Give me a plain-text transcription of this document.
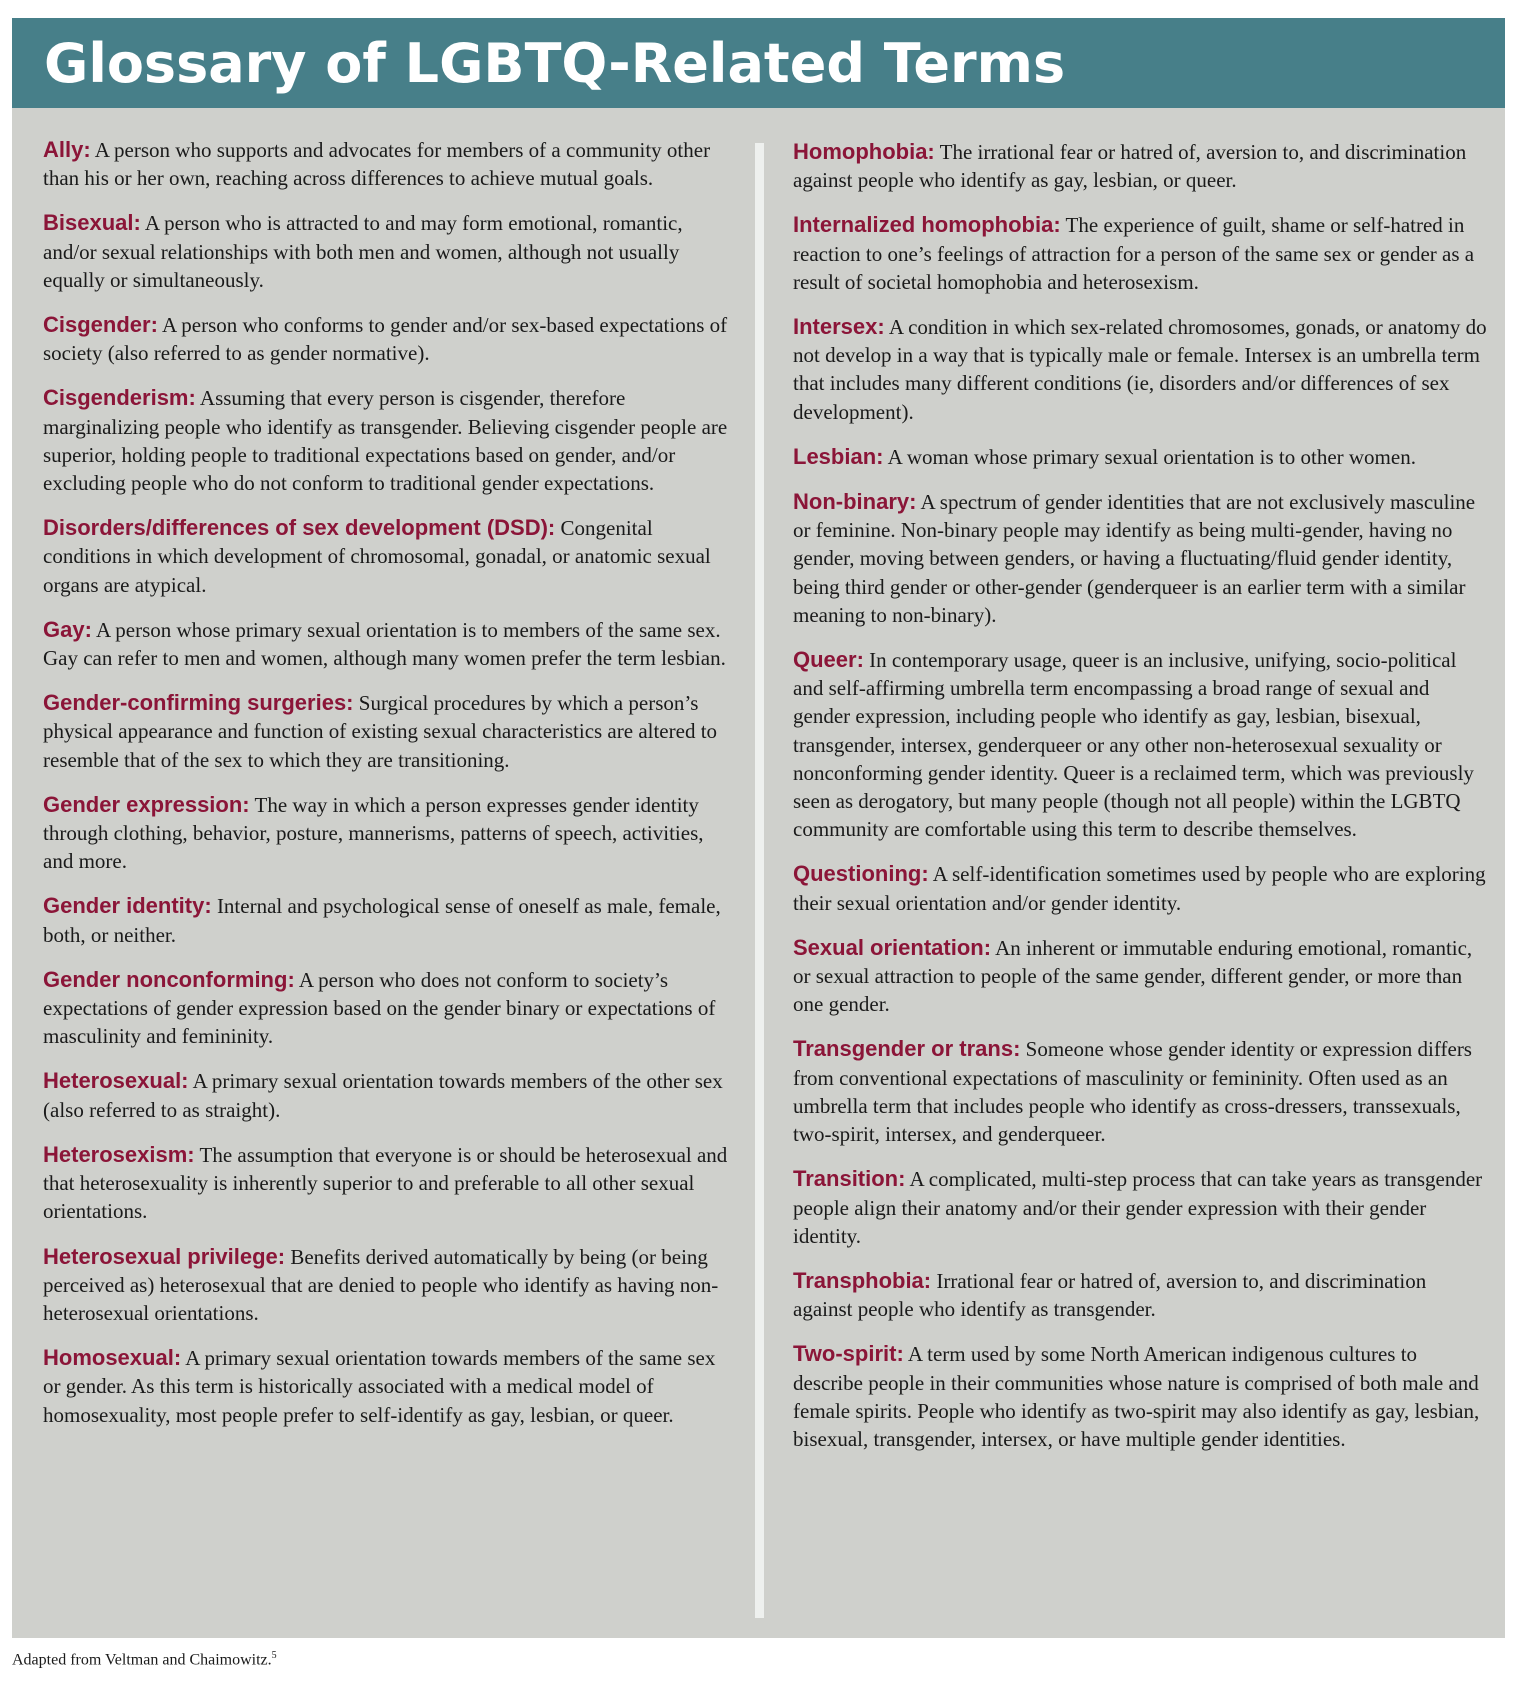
Glossary of LGBTQ-Related Terms
Ally: A person who supports and advocates for members of a community other than his or her own, reaching across differences to achieve mutual goals.
Bisexual: A person who is attracted to and may form emotional, romantic, and/or sexual relationships with both men and women, although not usually equally or simultaneously.
Cisgender: A person who conforms to gender and/or sex-based expectations of society (also referred to as gender normative).
Cisgenderism: Assuming that every person is cisgender, therefore marginalizing people who identify as transgender. Believing cisgender people are superior, holding people to traditional expectations based on gender, and/or excluding people who do not conform to traditional gender expectations.
Disorders/differences of sex development (DSD): Congenital conditions in which development of chromosomal, gonadal, or anatomic sexual organs are atypical.
Gay: A person whose primary sexual orientation is to members of the same sex. Gay can refer to men and women, although many women prefer the term lesbian.
Gender-confirming surgeries: Surgical procedures by which a person’s physical appearance and function of existing sexual characteristics are altered to resemble that of the sex to which they are transitioning.
Gender expression: The way in which a person expresses gender identity through clothing, behavior, posture, mannerisms, patterns of speech, activities, and more.
Gender identity: Internal and psychological sense of oneself as male, female, both, or neither.
Gender nonconforming: A person who does not conform to society’s expectations of gender expression based on the gender binary or expectations of masculinity and femininity.
Heterosexual: A primary sexual orientation towards members of the other sex (also referred to as straight).
Heterosexism: The assumption that everyone is or should be heterosexual and that heterosexuality is inherently superior to and preferable to all other sexual orientations.
Heterosexual privilege: Benefits derived automatically by being (or being perceived as) heterosexual that are denied to people who identify as having non-heterosexual orientations.
Homosexual: A primary sexual orientation towards members of the same sex or gender. As this term is historically associated with a medical model of homosexuality, most people prefer to self-identify as gay, lesbian, or queer.
Homophobia: The irrational fear or hatred of, aversion to, and discrimination against people who identify as gay, lesbian, or queer.
Internalized homophobia: The experience of guilt, shame or self-hatred in reaction to one’s feelings of attraction for a person of the same sex or gender as a result of societal homophobia and heterosexism.
Intersex: A condition in which sex-related chromosomes, gonads, or anatomy do not develop in a way that is typically male or female. Intersex is an umbrella term that includes many different conditions (ie, disorders and/or differences of sex development).
Lesbian: A woman whose primary sexual orientation is to other women.
Non-binary: A spectrum of gender identities that are not exclusively masculine or feminine. Non-binary people may identify as being multi-gender, having no gender, moving between genders, or having a fluctuating/fluid gender identity, being third gender or other-gender (genderqueer is an earlier term with a similar meaning to non-binary).
Queer: In contemporary usage, queer is an inclusive, unifying, socio-political and self-affirming umbrella term encompassing a broad range of sexual and gender expression, including people who identify as gay, lesbian, bisexual, transgender, intersex, genderqueer or any other non-heterosexual sexuality or nonconforming gender identity. Queer is a reclaimed term, which was previously seen as derogatory, but many people (though not all people) within the LGBTQ community are comfortable using this term to describe themselves.
Questioning: A self-identification sometimes used by people who are exploring their sexual orientation and/or gender identity.
Sexual orientation: An inherent or immutable enduring emotional, romantic, or sexual attraction to people of the same gender, different gender, or more than one gender.
Transgender or trans: Someone whose gender identity or expression differs from conventional expectations of masculinity or femininity. Often used as an umbrella term that includes people who identify as cross-dressers, transsexuals, two-spirit, intersex, and genderqueer.
Transition: A complicated, multi-step process that can take years as transgender people align their anatomy and/or their gender expression with their gender identity.
Transphobia: Irrational fear or hatred of, aversion to, and discrimination against people who identify as transgender.
Two-spirit: A term used by some North American indigenous cultures to describe people in their communities whose nature is comprised of both male and female spirits. People who identify as two-spirit may also identify as gay, lesbian, bisexual, transgender, intersex, or have multiple gender identities.
Adapted from Veltman and Chaimowitz.$^5$
